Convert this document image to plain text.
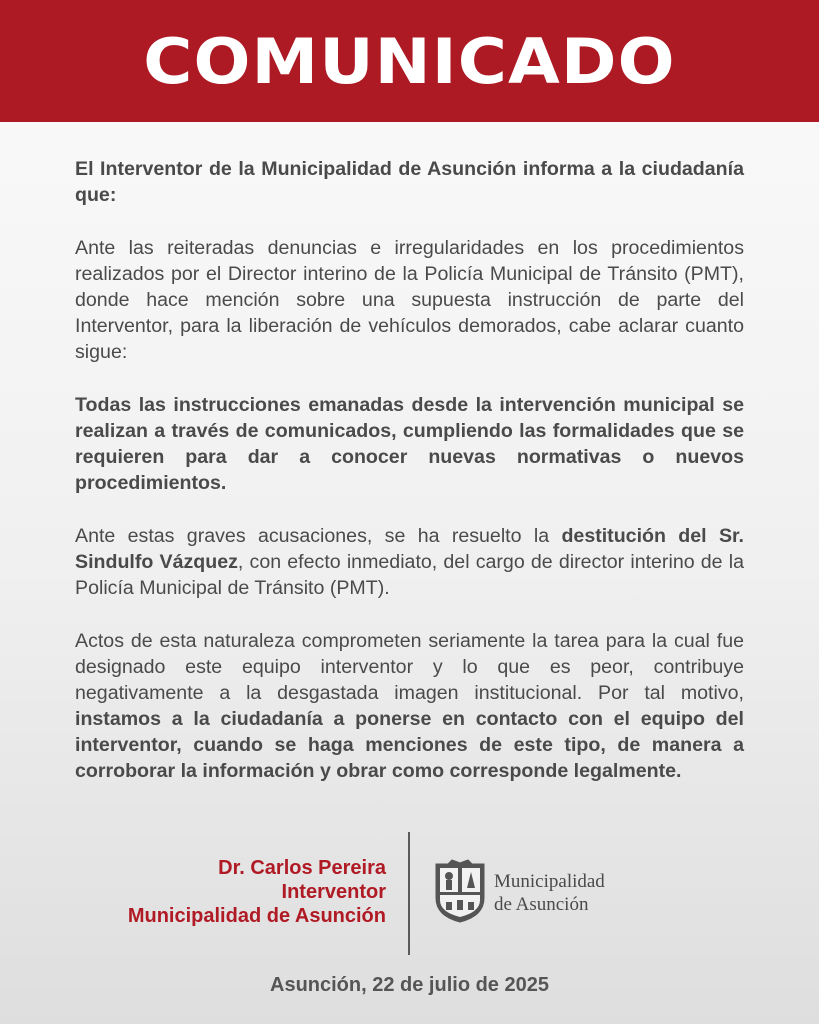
COMUNICADO

El Interventor de la Municipalidad de Asunción informa a la ciudadanía que:

Ante las reiteradas denuncias e irregularidades en los procedimientos realizados por el Director interino de la Policía Municipal de Tránsito (PMT), donde hace mención sobre una supuesta instrucción de parte del Interventor, para la liberación de vehículos demorados, cabe aclarar cuanto sigue:

Todas las instrucciones emanadas desde la intervención municipal se realizan a través de comunicados, cumpliendo las formalidades que se requieren para dar a conocer nuevas normativas o nuevos procedimientos.

Ante estas graves acusaciones, se ha resuelto la destitución del Sr. Sindulfo Vázquez, con efecto inmediato, del cargo de director interino de la Policía Municipal de Tránsito (PMT).

Actos de esta naturaleza comprometen seriamente la tarea para la cual fue designado este equipo interventor y lo que es peor, contribuye negativamente a la desgastada imagen institucional. Por tal motivo, instamos a la ciudadanía a ponerse en contacto con el equipo del interventor, cuando se haga menciones de este tipo, de manera a corroborar la información y obrar como corresponde legalmente.

Dr. Carlos Pereira
Interventor
Municipalidad de Asunción
Municipalidad
de Asunción
Asunción, 22 de julio de 2025
